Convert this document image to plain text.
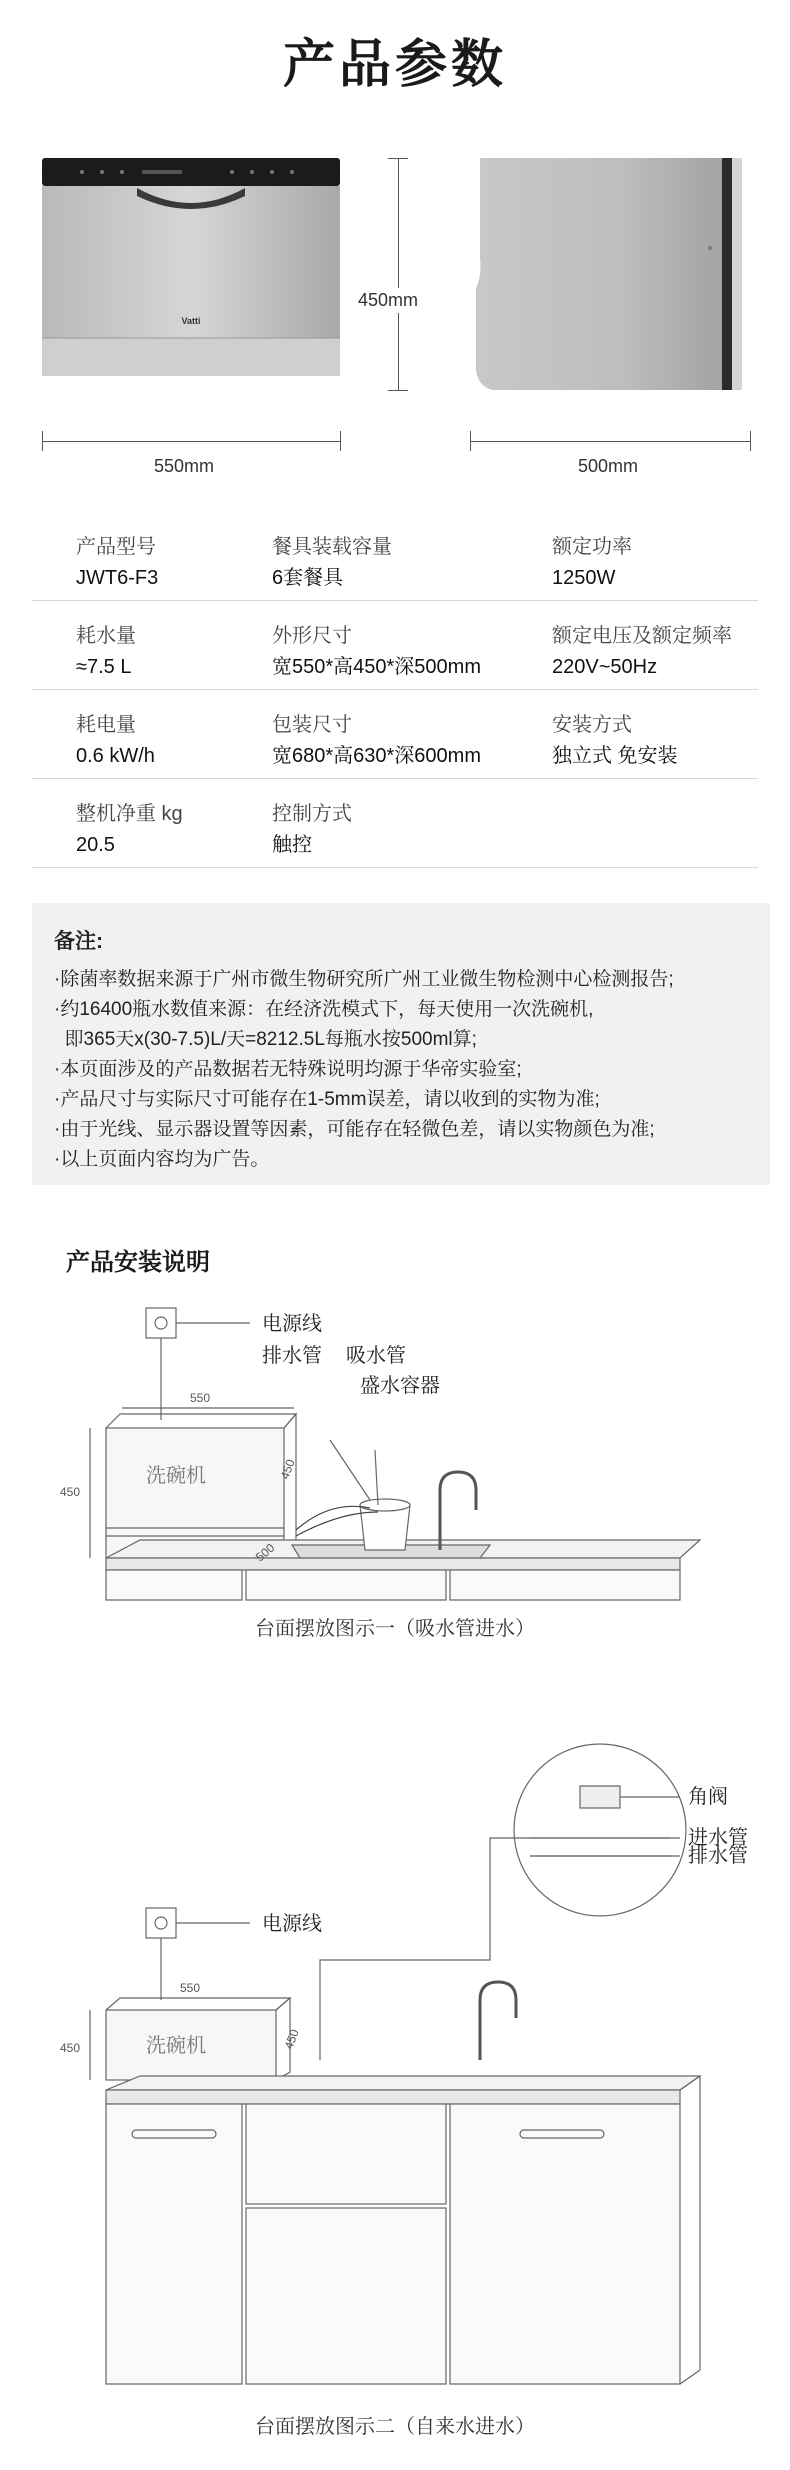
产品参数
Vatti
450mm
550mm	500mm
产品型号
JWT6-F3
餐具装载容量
6套餐具
额定功率
1250W
耗水量
≈7.5 L
外形尺寸
宽550*高450*深500mm
额定电压及额定频率
220V~50Hz
耗电量
0.6 kW/h
包装尺寸
宽680*高630*深600mm
安装方式
独立式 免安装
整机净重 kg
20.5
控制方式
触控
备注:
·除菌率数据来源于广州市微生物研究所广州工业微生物检测中心检测报告;
·约16400瓶水数值来源：在经济洗模式下，每天使用一次洗碗机,
即365天x(30-7.5)L/天=8212.5L每瓶水按500ml算;
·本页面涉及的产品数据若无特殊说明均源于华帝实验室;
·产品尺寸与实际尺寸可能存在1-5mm误差，请以收到的实物为准;
·由于光线、显示器设置等因素，可能存在轻微色差，请以实物颜色为准;
·以上页面内容均为广告。
产品安装说明
电源线
排水管 吸水管
盛水容器
洗碗机
550
450
450
500
台面摆放图示一（吸水管进水）
电源线
角阀
进水管
排水管
洗碗机
550
450	450
台面摆放图示二（自来水进水）
